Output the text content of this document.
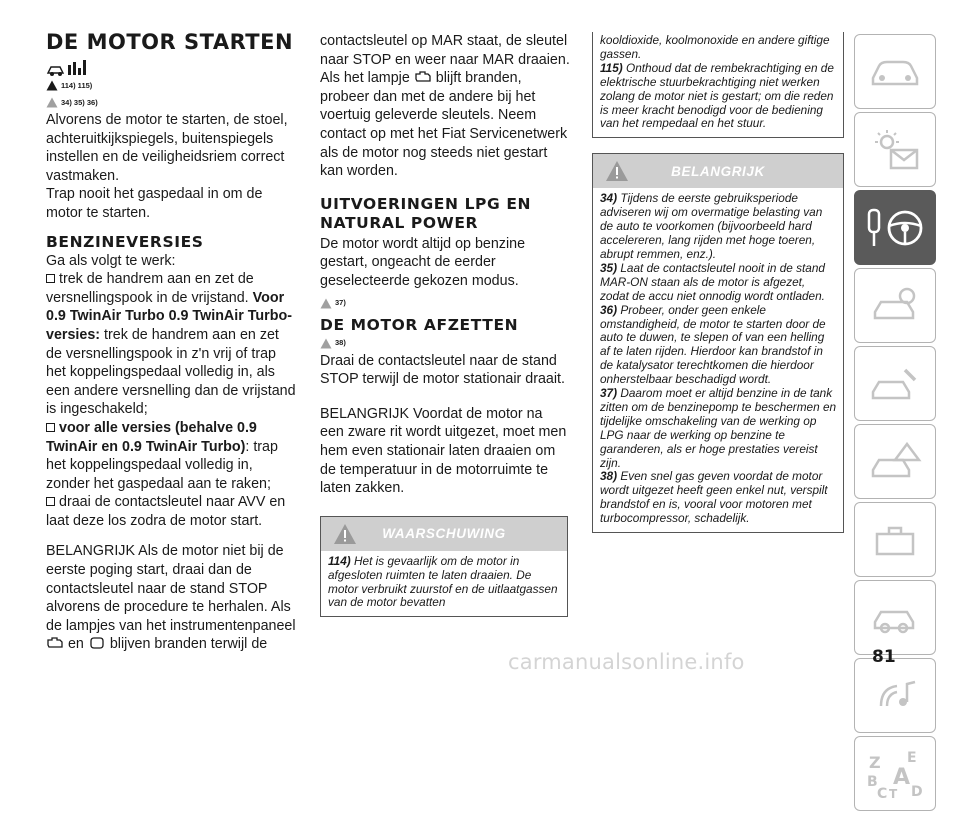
DE MOTOR STARTEN
114) 115)
34) 35) 36)

Alvorens de motor te starten, de stoel, achteruitkijkspiegels, buitenspiegels instellen en de veiligheidsriem correct vastmaken.

Trap nooit het gaspedaal in om de motor te starten.

BENZINEVERSIES

Ga als volgt te werk:

trek de handrem aan en zet de versnellingspook in de vrijstand. Voor 0.9 TwinAir Turbo 0.9 TwinAir Turbo-versies: trek de handrem aan en zet de versnellingspook in z'n vrij of trap het koppelingspedaal volledig in, als een andere versnelling dan de vrijstand is ingeschakeld;

voor alle versies (behalve 0.9 TwinAir en 0.9 TwinAir Turbo): trap het koppelingspedaal volledig in, zonder het gaspedaal aan te raken;

draai de contactsleutel naar AVV en laat deze los zodra de motor start.

BELANGRIJK Als de motor niet bij de eerste poging start, draai dan de contactsleutel naar de stand STOP alvorens de procedure te herhalen. Als de lampjes van het instrumentenpaneel
en blijven branden terwijl de

contactsleutel op MAR staat, de sleutel naar STOP en weer naar MAR draaien. Als het lampje blijft branden, probeer dan met de andere bij het voertuig geleverde sleutels. Neem contact op met het Fiat Servicenetwerk als de motor nog steeds niet gestart kan worden.

UITVOERINGEN LPG EN NATURAL POWER

De motor wordt altijd op benzine gestart, ongeacht de eerder geselecteerde gekozen modus.

37)
DE MOTOR AFZETTEN
38)

Draai de contactsleutel naar de stand STOP terwijl de motor stationair draait.

BELANGRIJK Voordat de motor na een zware rit wordt uitgezet, moet men hem even stationair laten draaien om de temperatuur in de motorruimte te laten zakken.

WAARSCHUWING

114) Het is gevaarlijk om de motor in afgesloten ruimten te laten draaien. De motor verbruikt zuurstof en de uitlaatgassen van de motor bevatten

kooldioxide, koolmonoxide en andere giftige gassen.

115) Onthoud dat de rembekrachtiging en de elektrische stuurbekrachtiging niet werken zolang de motor niet is gestart; om die reden is meer kracht benodigd voor de bediening van het rempedaal en het stuur.

BELANGRIJK

34) Tijdens de eerste gebruiksperiode adviseren wij om overmatige belasting van de auto te voorkomen (bijvoorbeeld hard accelereren, lang rijden met hoge toeren, abrupt remmen, enz.).

35) Laat de contactsleutel nooit in de stand MAR-ON staan als de motor is afgezet, zodat de accu niet onnodig wordt ontladen.

36) Probeer, onder geen enkele omstandigheid, de motor te starten door de auto te duwen, te slepen of van een helling af te laten rijden. Hierdoor kan brandstof in de katalysator terechtkomen die hierdoor onherstelbaar beschadigd wordt.

37) Daarom moet er altijd benzine in de tank zitten om de benzinepomp te beschermen en tijdelijke omschakeling van de werking op LPG naar de werking op benzine te garanderen, als er hoge prestaties vereist zijn.

38) Even snel gas geven voordat de motor wordt uitgezet heeft geen enkel nut, verspilt brandstof en is, vooral voor motoren met turbocompressor, schadelijk.

Z E
B A
C T D
carmanualsonline.info	81
